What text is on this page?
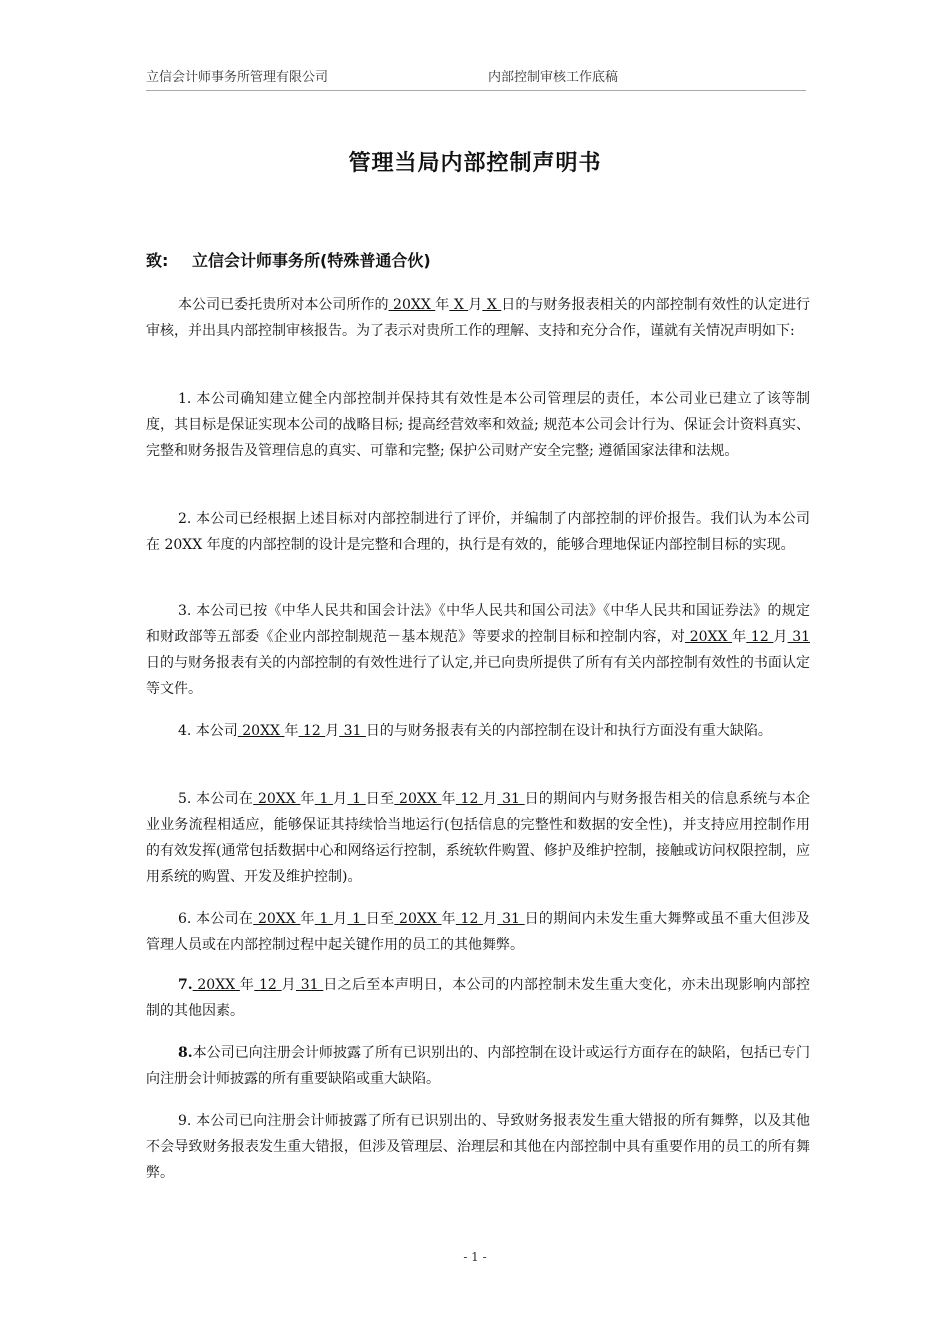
立信会计师事务所管理有限公司	内部控制审核工作底稿
管理当局内部控制声明书
致: 立信会计师事务所(特殊普通合伙)

本公司已委托贵所对本公司所作的 20XX 年 X 月 X 日的与财务报表相关的内部控制有效性的认定进行审核，并出具内部控制审核报告。为了表示对贵所工作的理解、支持和充分合作，谨就有关情况声明如下:

1. 本公司确知建立健全内部控制并保持其有效性是本公司管理层的责任，本公司业已建立了该等制度，其目标是保证实现本公司的战略目标; 提高经营效率和效益; 规范本公司会计行为、保证会计资料真实、完整和财务报告及管理信息的真实、可靠和完整; 保护公司财产安全完整; 遵循国家法律和法规。

2. 本公司已经根据上述目标对内部控制进行了评价，并编制了内部控制的评价报告。我们认为本公司在 20XX 年度的内部控制的设计是完整和合理的，执行是有效的，能够合理地保证内部控制目标的实现。

3. 本公司已按《中华人民共和国会计法》《中华人民共和国公司法》《中华人民共和国证券法》的规定和财政部等五部委《企业内部控制规范－基本规范》等要求的控制目标和控制内容，对 20XX 年 12 月 31 日的与财务报表有关的内部控制的有效性进行了认定,并已向贵所提供了所有有关内部控制有效性的书面认定等文件。

4. 本公司 20XX 年 12 月 31 日的与财务报表有关的内部控制在设计和执行方面没有重大缺陷。

5. 本公司在 20XX 年 1 月 1 日至 20XX 年 12 月 31 日的期间内与财务报告相关的信息系统与本企业业务流程相适应，能够保证其持续恰当地运行(包括信息的完整性和数据的安全性)，并支持应用控制作用的有效发挥(通常包括数据中心和网络运行控制，系统软件购置、修护及维护控制，接触或访问权限控制，应用系统的购置、开发及维护控制)。

6. 本公司在 20XX 年 1 月 1 日至 20XX 年 12 月 31 日的期间内未发生重大舞弊或虽不重大但涉及管理人员或在内部控制过程中起关键作用的员工的其他舞弊。

7. 20XX 年 12 月 31 日之后至本声明日，本公司的内部控制未发生重大变化，亦未出现影响内部控制的其他因素。

8.本公司已向注册会计师披露了所有已识别出的、内部控制在设计或运行方面存在的缺陷，包括已专门向注册会计师披露的所有重要缺陷或重大缺陷。

9. 本公司已向注册会计师披露了所有已识别出的、导致财务报表发生重大错报的所有舞弊，以及其他不会导致财务报表发生重大错报，但涉及管理层、治理层和其他在内部控制中具有重要作用的员工的所有舞弊。

- 1 -
